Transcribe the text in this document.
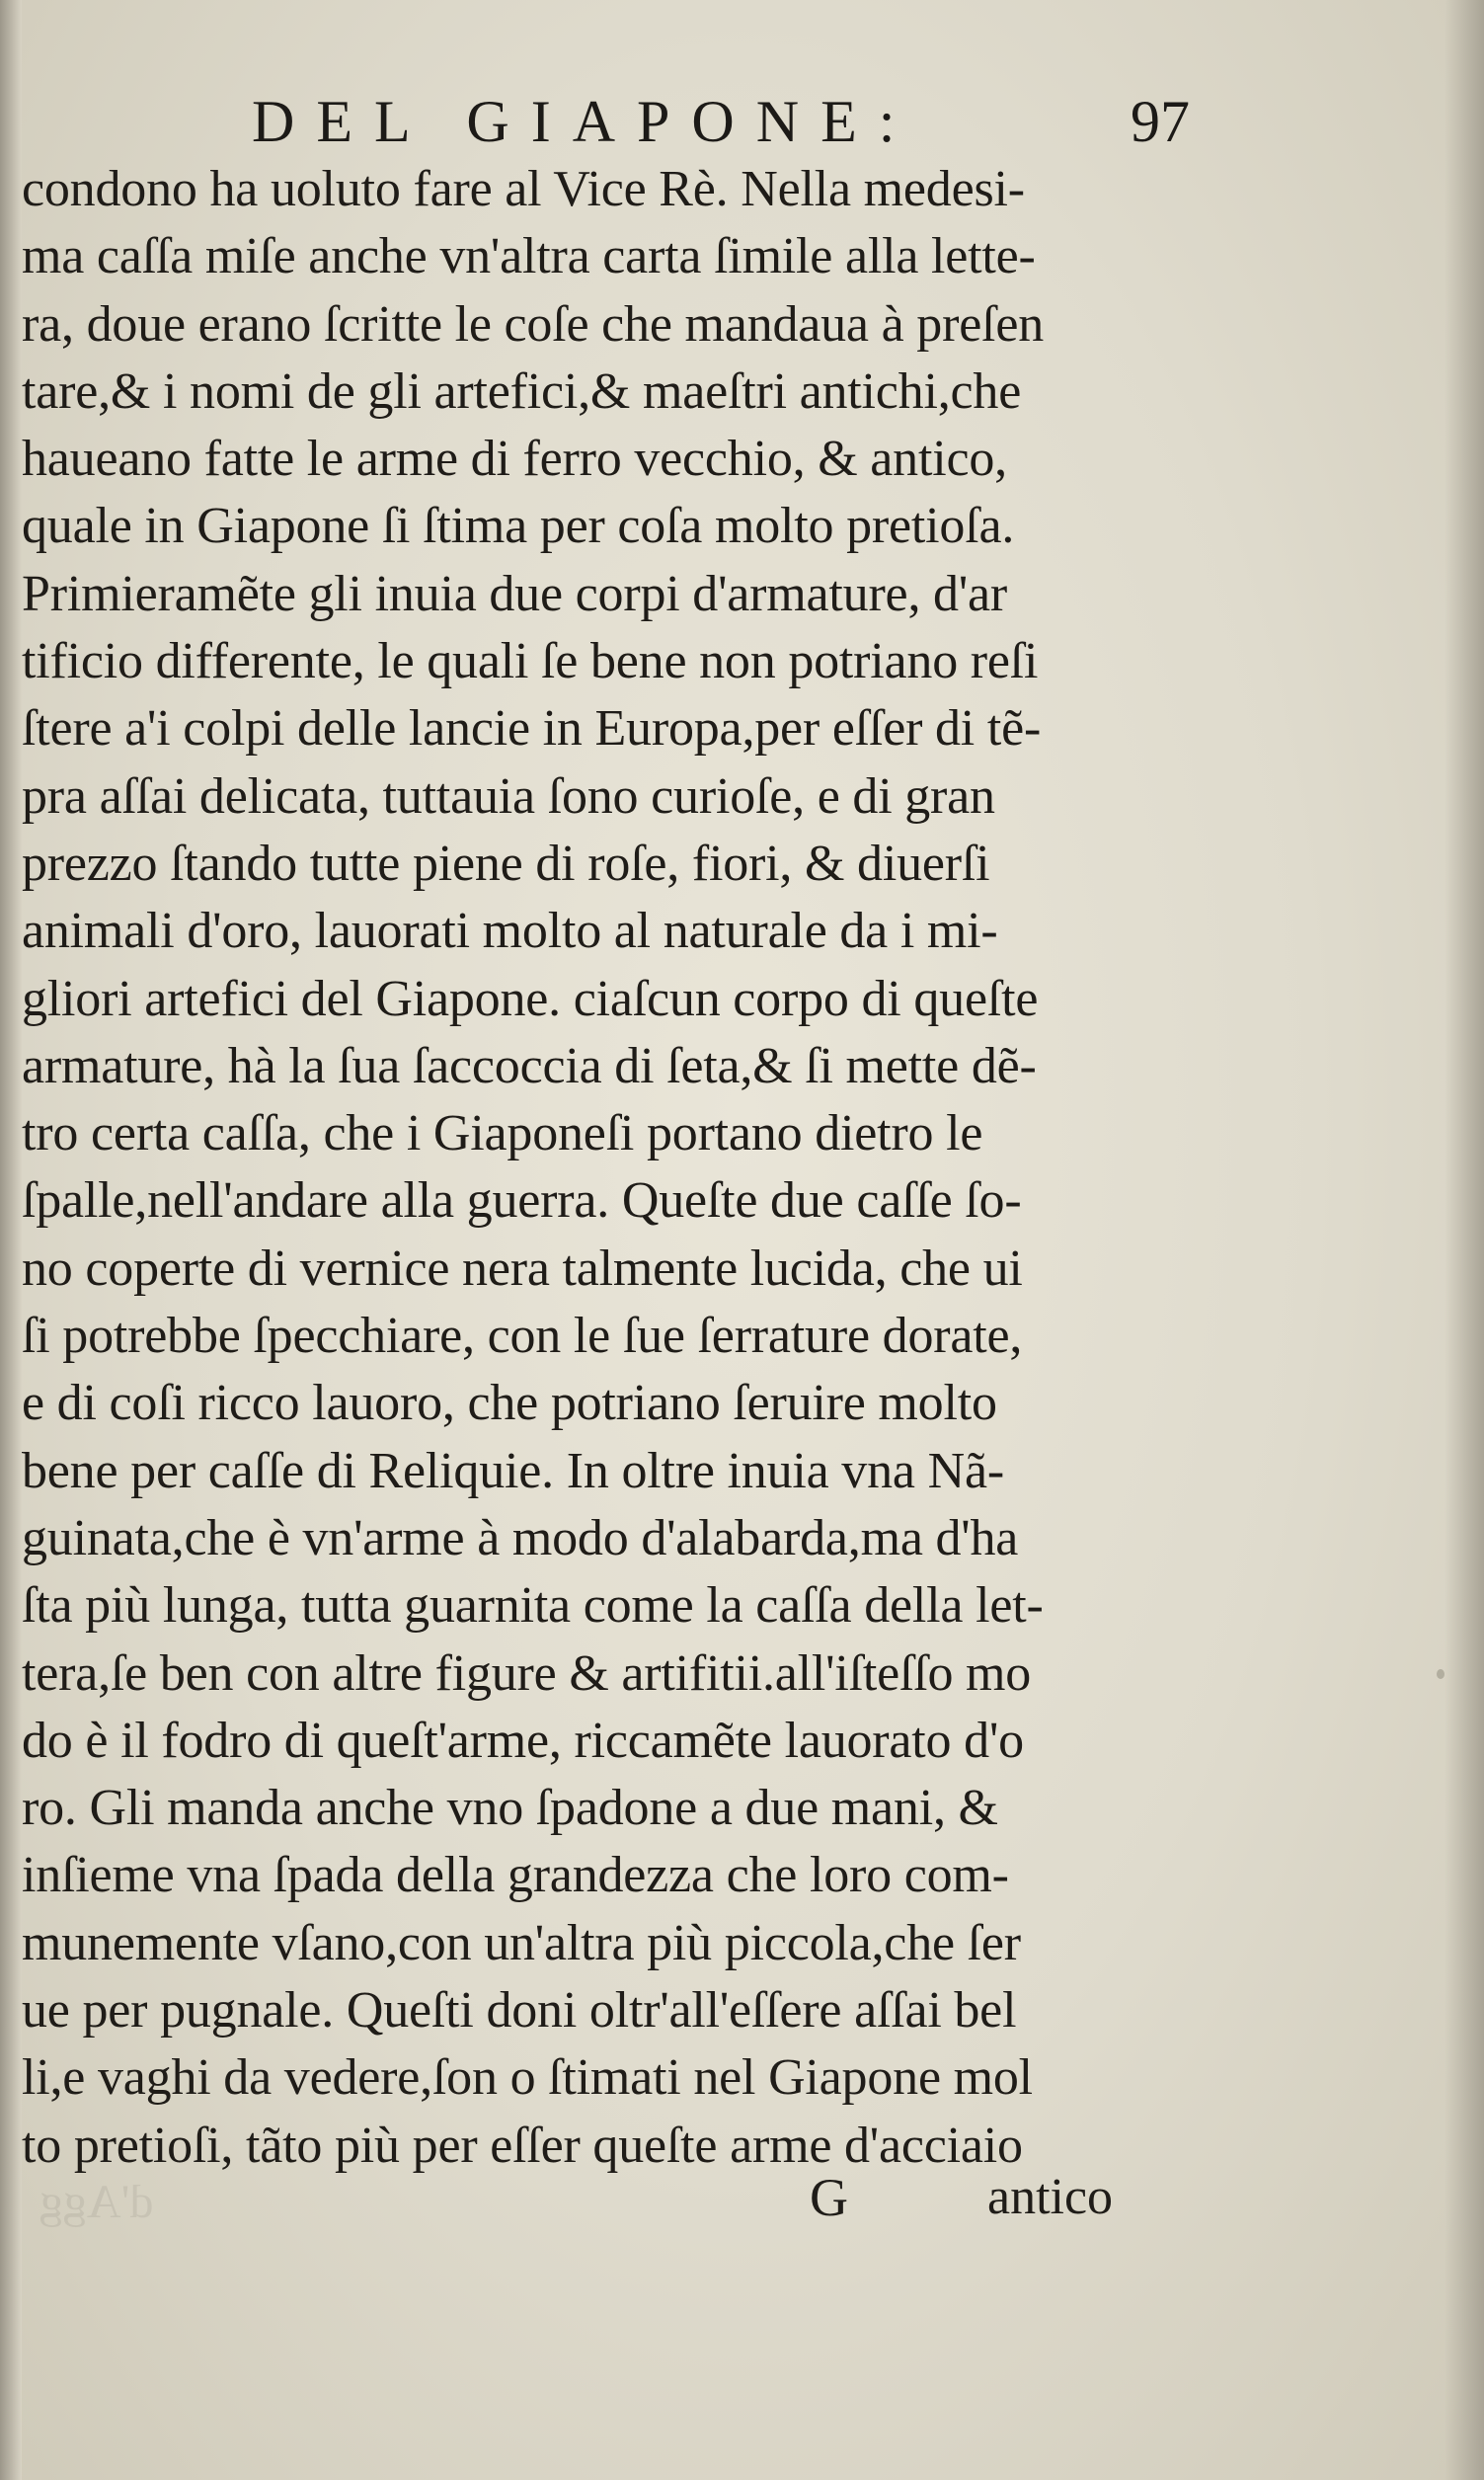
DEL GIAPONE:	97
condono ha uoluto fare al Vice Rè. Nella medesi-
ma caſſa miſe anche vn'altra carta ſimile alla lette-
ra, doue erano ſcritte le coſe che mandaua à preſen
tare,& i nomi de gli artefici,& maeſtri antichi,che
haueano fatte le arme di ferro vecchio, & antico,
quale in Giapone ſi ſtima per coſa molto pretioſa.
Primieramẽte gli inuia due corpi d'armature, d'ar
tificio differente, le quali ſe bene non potriano reſi
ſtere a'i colpi delle lancie in Europa,per eſſer di tẽ-
pra aſſai delicata, tuttauia ſono curioſe, e di gran
prezzo ſtando tutte piene di roſe, fiori, & diuerſi
animali d'oro, lauorati molto al naturale da i mi-
gliori artefici del Giapone. ciaſcun corpo di queſte
armature, hà la ſua ſaccoccia di ſeta,& ſi mette dẽ-
tro certa caſſa, che i Giaponeſi portano dietro le
ſpalle,nell'andare alla guerra. Queſte due caſſe ſo-
no coperte di vernice nera talmente lucida, che ui
ſi potrebbe ſpecchiare, con le ſue ſerrature dorate,
e di coſi ricco lauoro, che potriano ſeruire molto
bene per caſſe di Reliquie. In oltre inuia vna Nã-
guinata,che è vn'arme à modo d'alabarda,ma d'ha
ſta più lunga, tutta guarnita come la caſſa della let-
tera,ſe ben con altre figure & artifitii.all'iſteſſo mo
do è il fodro di queſt'arme, riccamẽte lauorato d'o
ro. Gli manda anche vno ſpadone a due mani, &
inſieme vna ſpada della grandezza che loro com-
munemente vſano,con un'altra più piccola,che ſer
ue per pugnale. Queſti doni oltr'all'eſſere aſſai bel
li,e vaghi da vedere,ſon o ſtimati nel Giapone mol
to pretioſi, tãto più per eſſer queſte arme d'acciaio
d'Agg	G	antico
